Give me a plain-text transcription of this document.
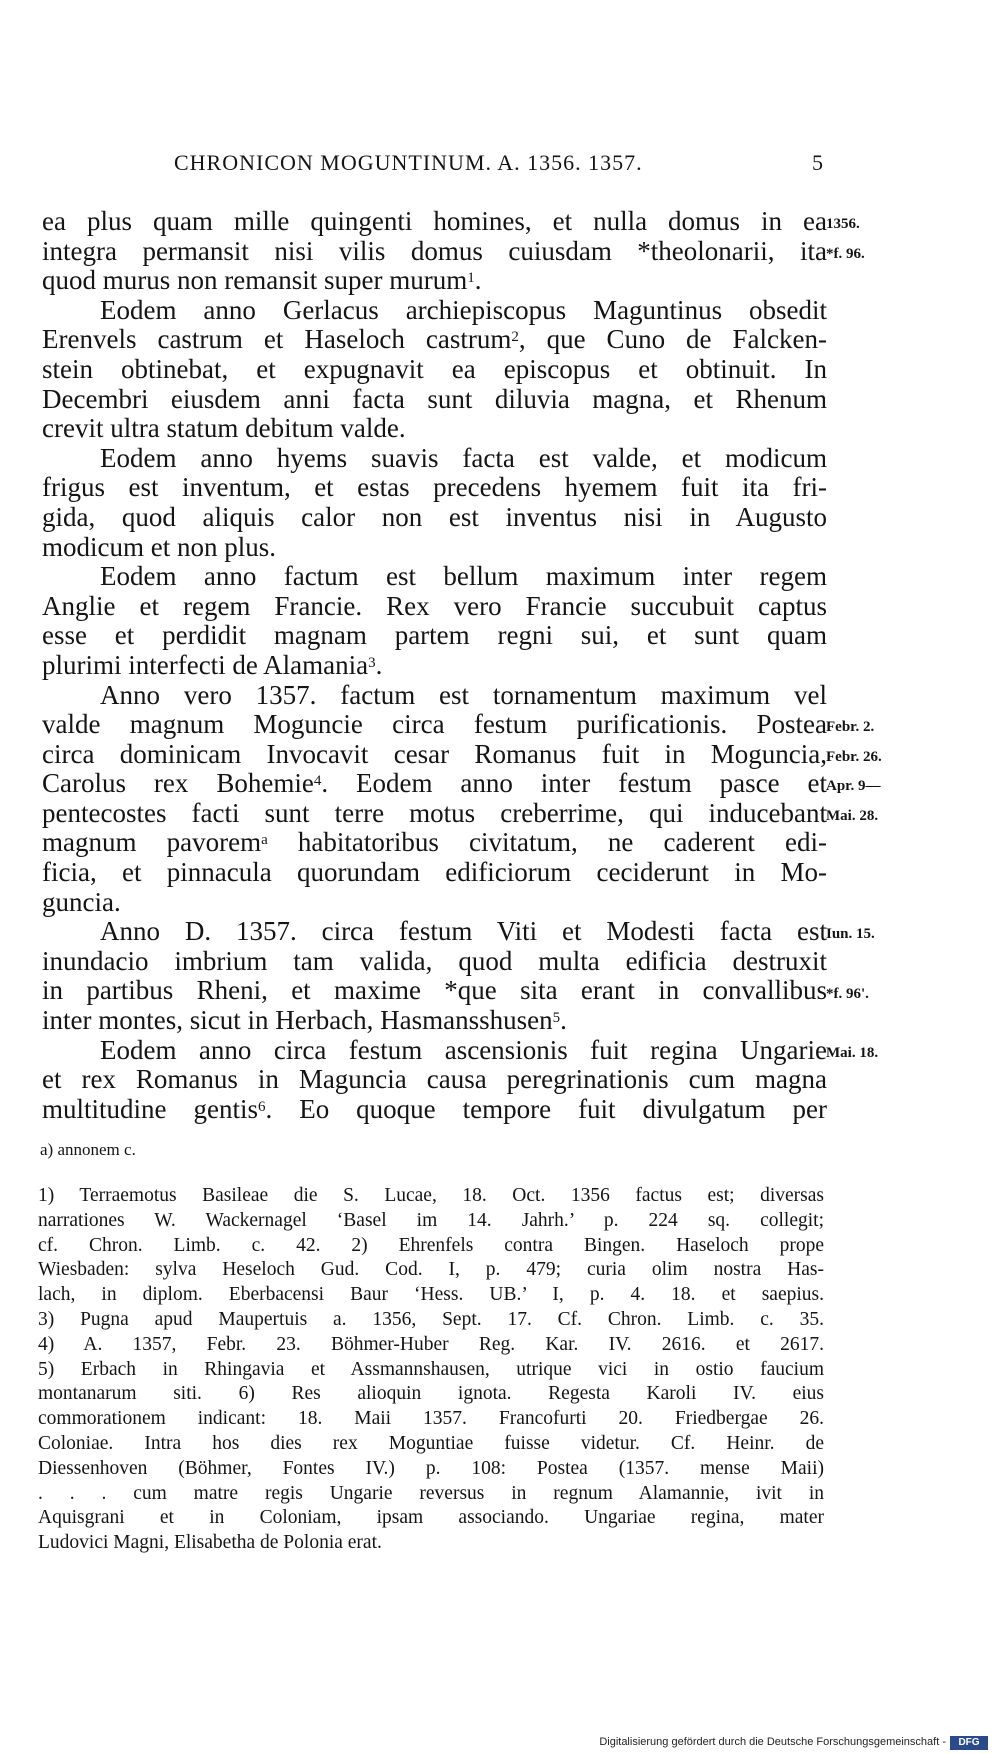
CHRONICON MOGUNTINUM. A. 1356. 1357.	5
ea plus quam mille quingenti homines, et nulla domus in ea
integra permansit nisi vilis domus cuiusdam *theolonarii, ita
quod murus non remansit super murum$^1$.
Eodem anno Gerlacus archiepiscopus Maguntinus obsedit
Erenvels castrum et Haseloch castrum$^2$, que Cuno de Falcken-
stein obtinebat, et expugnavit ea episcopus et obtinuit. In
Decembri eiusdem anni facta sunt diluvia magna, et Rhenum
crevit ultra statum debitum valde.
Eodem anno hyems suavis facta est valde, et modicum
frigus est inventum, et estas precedens hyemem fuit ita fri-
gida, quod aliquis calor non est inventus nisi in Augusto
modicum et non plus.
Eodem anno factum est bellum maximum inter regem
Anglie et regem Francie. Rex vero Francie succubuit captus
esse et perdidit magnam partem regni sui, et sunt quam
plurimi interfecti de Alamania$^3$.
Anno vero 1357. factum est tornamentum maximum vel
valde magnum Moguncie circa festum purificationis. Postea
circa dominicam Invocavit cesar Romanus fuit in Moguncia,
Carolus rex Bohemie$^4$. Eodem anno inter festum pasce et
pentecostes facti sunt terre motus creberrime, qui inducebant
magnum pavorem$^a$ habitatoribus civitatum, ne caderent edi-
ficia, et pinnacula quorundam edificiorum ceciderunt in Mo-
guncia.
Anno D. 1357. circa festum Viti et Modesti facta est
inundacio imbrium tam valida, quod multa edificia destruxit
in partibus Rheni, et maxime *que sita erant in convallibus
inter montes, sicut in Herbach, Hasmansshusen$^5$.
Eodem anno circa festum ascensionis fuit regina Ungarie
et rex Romanus in Maguncia causa peregrinationis cum magna
multitudine gentis$^6$. Eo quoque tempore fuit divulgatum per
1356.
*f. 96.
Febr. 2.
Febr. 26.
Apr. 9—
Mai. 28.
Iun. 15.
*f. 96'.
Mai. 18.
a) annonem c.
1) Terraemotus Basileae die S. Lucae, 18. Oct. 1356 factus est; diversas
narrationes W. Wackernagel ‘Basel im 14. Jahrh.’ p. 224 sq. collegit;
cf. Chron. Limb. c. 42. 2) Ehrenfels contra Bingen. Haseloch prope
Wiesbaden: sylva Heseloch Gud. Cod. I, p. 479; curia olim nostra Has-
lach, in diplom. Eberbacensi Baur ‘Hess. UB.’ I, p. 4. 18. et saepius.
3) Pugna apud Maupertuis a. 1356, Sept. 17. Cf. Chron. Limb. c. 35.
4) A. 1357, Febr. 23. Böhmer-Huber Reg. Kar. IV. 2616. et 2617.
5) Erbach in Rhingavia et Assmannshausen, utrique vici in ostio faucium
montanarum siti. 6) Res alioquin ignota. Regesta Karoli IV. eius
commorationem indicant: 18. Maii 1357. Francofurti 20. Friedbergae 26.
Coloniae. Intra hos dies rex Moguntiae fuisse videtur. Cf. Heinr. de
Diessenhoven (Böhmer, Fontes IV.) p. 108: Postea (1357. mense Maii)
. . . cum matre regis Ungarie reversus in regnum Alamannie, ivit in
Aquisgrani et in Coloniam, ipsam associando. Ungariae regina, mater
Ludovici Magni, Elisabetha de Polonia erat.
Digitalisierung gefördert durch die Deutsche Forschungsgemeinschaft -	DFG
